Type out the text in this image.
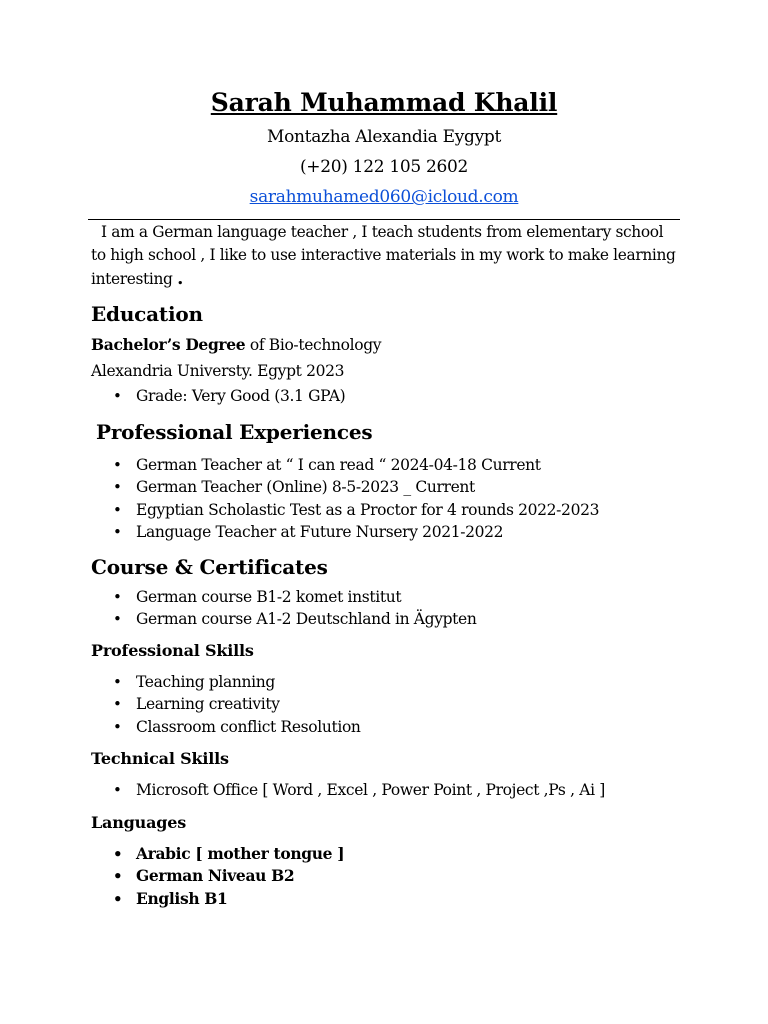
Sarah Muhammad Khalil

Montazha Alexandia Eygypt

(+20) 122 105 2602

sarahmuhamed060@icloud.com

I am a German language teacher , I teach students from elementary school to high school , I like to use interactive materials in my work to make learning interesting .

Education

Bachelor’s Degree of Bio-technology

Alexandria Universty. Egypt 2023

• Grade: Very Good (3.1 GPA)
Professional Experiences
• German Teacher at “ I can read “ 2024-04-18 Current
• German Teacher (Online) 8-5-2023 _ Current
• Egyptian Scholastic Test as a Proctor for 4 rounds 2022-2023
• Language Teacher at Future Nursery 2021-2022
Course & Certificates
• German course B1-2 komet institut
• German course A1-2 Deutschland in Ägypten
Professional Skills
• Teaching planning
• Learning creativity
• Classroom conflict Resolution
Technical Skills
• Microsoft Office [ Word , Excel , Power Point , Project ,Ps , Ai ]
Languages
• Arabic [ mother tongue ]
• German Niveau B2
• English B1
